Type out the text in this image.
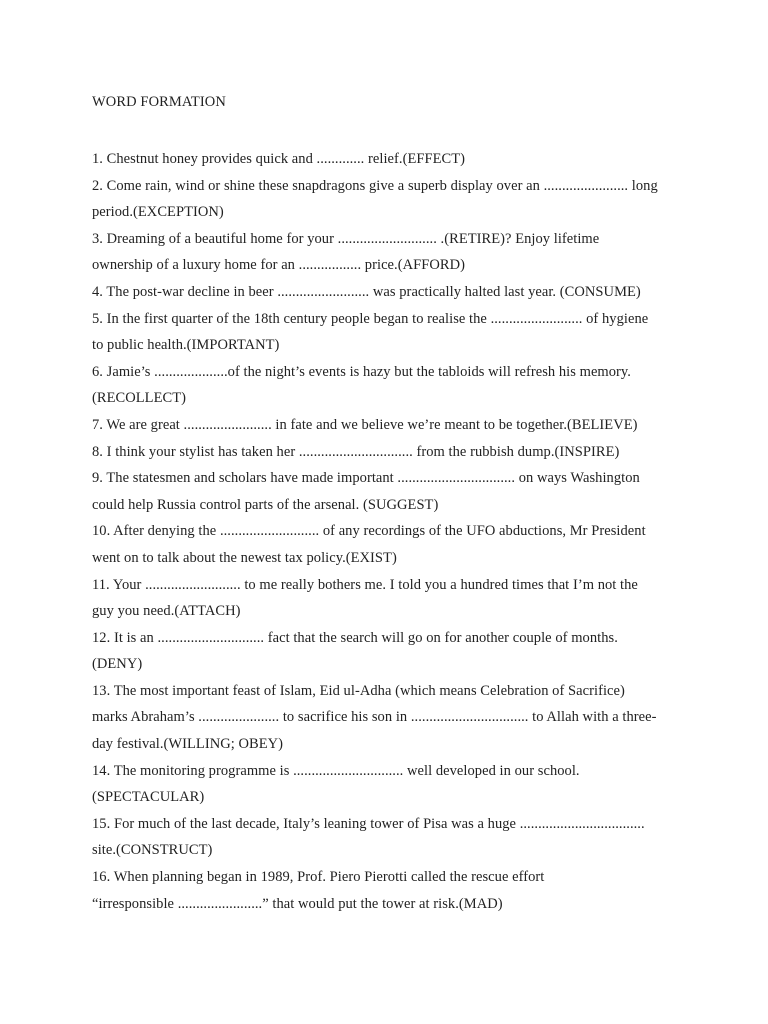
WORD FORMATION
1. Chestnut honey provides quick and ............. relief.(EFFECT)
2. Come rain, wind or shine these snapdragons give a superb display over an ....................... long
period.(EXCEPTION)
3. Dreaming of a beautiful home for your ........................... .(RETIRE)? Enjoy lifetime
ownership of a luxury home for an ................. price.(AFFORD)
4. The post-war decline in beer ......................... was practically halted last year. (CONSUME)
5. In the first quarter of the 18th century people began to realise the ......................... of hygiene
to public health.(IMPORTANT)
6. Jamie’s ....................of the night’s events is hazy but the tabloids will refresh his memory.
(RECOLLECT)
7. We are great ........................ in fate and we believe we’re meant to be together.(BELIEVE)
8. I think your stylist has taken her ............................... from the rubbish dump.(INSPIRE)
9. The statesmen and scholars have made important ................................ on ways Washington
could help Russia control parts of the arsenal. (SUGGEST)
10. After denying the ........................... of any recordings of the UFO abductions, Mr President
went on to talk about the newest tax policy.(EXIST)
11. Your .......................... to me really bothers me. I told you a hundred times that I’m not the
guy you need.(ATTACH)
12. It is an ............................. fact that the search will go on for another couple of months.
(DENY)
13. The most important feast of Islam, Eid ul-Adha (which means Celebration of Sacrifice)
marks Abraham’s ...................... to sacrifice his son in ................................ to Allah with a three-
day festival.(WILLING; OBEY)
14. The monitoring programme is .............................. well developed in our school.
(SPECTACULAR)
15. For much of the last decade, Italy’s leaning tower of Pisa was a huge ..................................
site.(CONSTRUCT)
16. When planning began in 1989, Prof. Piero Pierotti called the rescue effort
“irresponsible .......................” that would put the tower at risk.(MAD)
